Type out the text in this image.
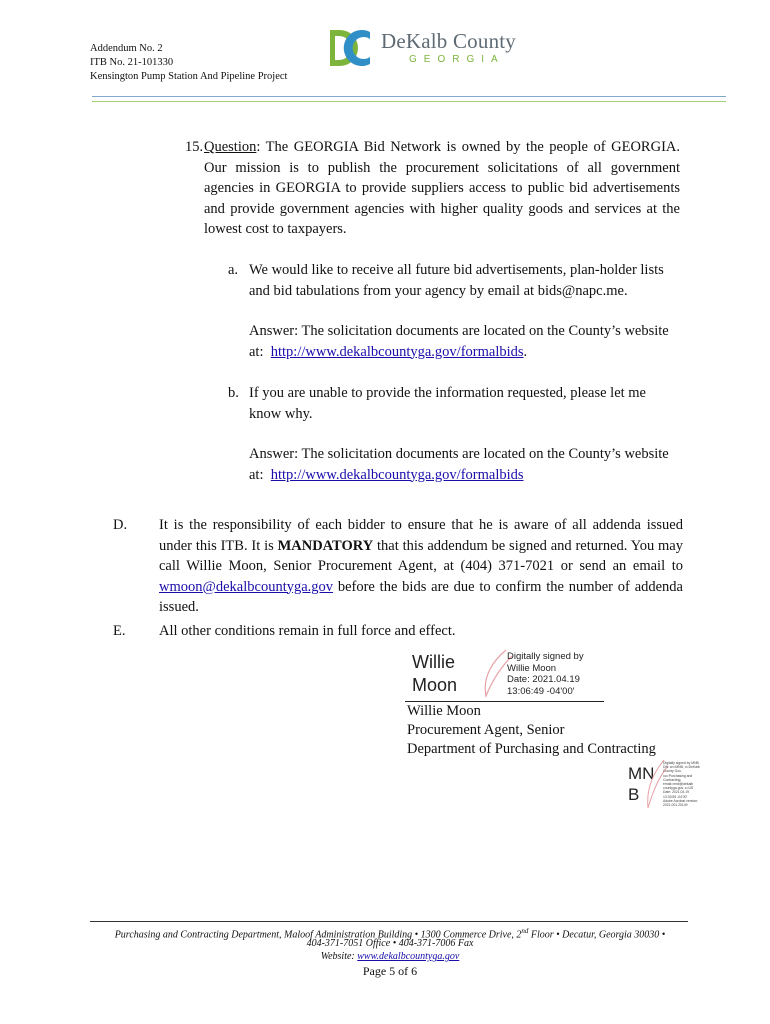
Addendum No. 2
ITB No. 21-101330
Kensington Pump Station And Pipeline Project
DeKalb County
GEORGIA
15. Question: The GEORGIA Bid Network is owned by the people of GEORGIA. Our mission is to publish the procurement solicitations of all government agencies in GEORGIA to provide suppliers access to public bid advertisements and provide government agencies with higher quality goods and services at the lowest cost to taxpayers.
a. We would like to receive all future bid advertisements, plan-holder lists and bid tabulations from your agency by email at bids@napc.me.
Answer: The solicitation documents are located on the County’s website at: http://www.dekalbcountyga.gov/formalbids.
b. If you are unable to provide the information requested, please let me know why.
Answer: The solicitation documents are located on the County’s website at: http://www.dekalbcountyga.gov/formalbids
D. It is the responsibility of each bidder to ensure that he is aware of all addenda issued under this ITB. It is MANDATORY that this addendum be signed and returned. You may call Willie Moon, Senior Procurement Agent, at (404) 371-7021 or send an email to wmoon@dekalbcountyga.gov before the bids are due to confirm the number of addenda issued.
E. All other conditions remain in full force and effect.
Willie
Moon
Digitally signed by
Willie Moon
Date: 2021.04.19
13:06:49 -04'00'
Willie Moon
Procurement Agent, Senior
Department of Purchasing and Contracting
MN
B
Digitally signed by MNB
DN: cn=MNB, o=DeKalb
County Gov,
ou=Purchasing and
Contracting,
email=mnb@dekalb
countyga.gov, c=US
Date: 2021.04.19
13:33:55 -04'00'
Adobe Acrobat version:
2021.001.20149
Purchasing and Contracting Department, Maloof Administration Building • 1300 Commerce Drive, 2nd Floor • Decatur, Georgia 30030 •
404-371-7051 Office • 404-371-7006 Fax
Website: www.dekalbcountyga.gov
Page 5 of 6
